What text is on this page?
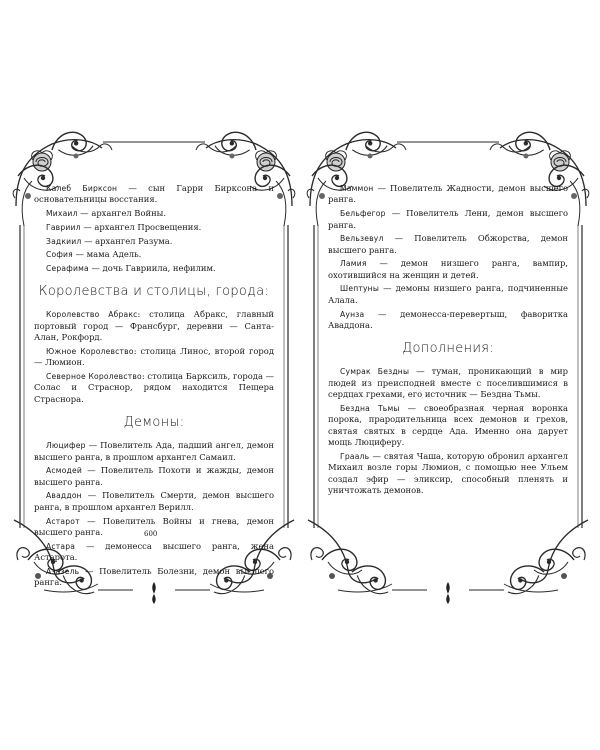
Калеб Бирксон — сын Гарри Бирксона и основательницы восстания.

Михаил — архангел Войны.

Гавриил — архангел Просвещения.

Задкиил — архангел Разума.

София — мама Адель.

Серафима — дочь Гавриила, нефилим.

Королевства и столицы, города:

Королевство Абракс: столица Абракс, главный портовый город — Франсбург, деревни — Санта-Алан, Рокфорд.

Южное Королевство: столица Линос, второй город — Люмион.

Северное Королевство: столица Барксиль, города — Солас и Страснор, рядом находится Пещера Страснора.

Демоны:

Люцифер — Повелитель Ада, падший ангел, демон высшего ранга, в прошлом архангел Самаил.

Асмодей — Повелитель Похоти и жажды, демон высшего ранга.

Аваддон — Повелитель Смерти, демон высшего ранга, в прошлом архангел Верилл.

Астарот — Повелитель Войны и гнева, демон высшего ранга.

Астара — демонесса высшего ранга, жена Астарота.

Азазель — Повелитель Болезни, демон высшего ранга.

600

Маммон — Повелитель Жадности, демон высшего ранга.

Бельфегор — Повелитель Лени, демон высшего ранга.

Вельзевул — Повелитель Обжорства, демон высшего ранга.

Ламия — демон низшего ранга, вампир, охотившийся на женщин и детей.

Шептуны — демоны низшего ранга, подчиненные Алала.

Аунза — демонесса-перевертыш, фаворитка Аваддона.

Дополнения:

Сумрак Бездны — туман, проникающий в мир людей из преисподней вместе с поселившимися в сердцах грехами, его источник — Бездна Тьмы.

Бездна Тьмы — своеобразная черная воронка порока, прародительница всех демонов и грехов, святая святых в сердце Ада. Именно она дарует мощь Люциферу.

Грааль — святая Чаша, которую обронил архангел Михаил возле горы Люмион, с помощью нее Ульем создал эфир — эликсир, способный пленять и уничтожать демонов.
